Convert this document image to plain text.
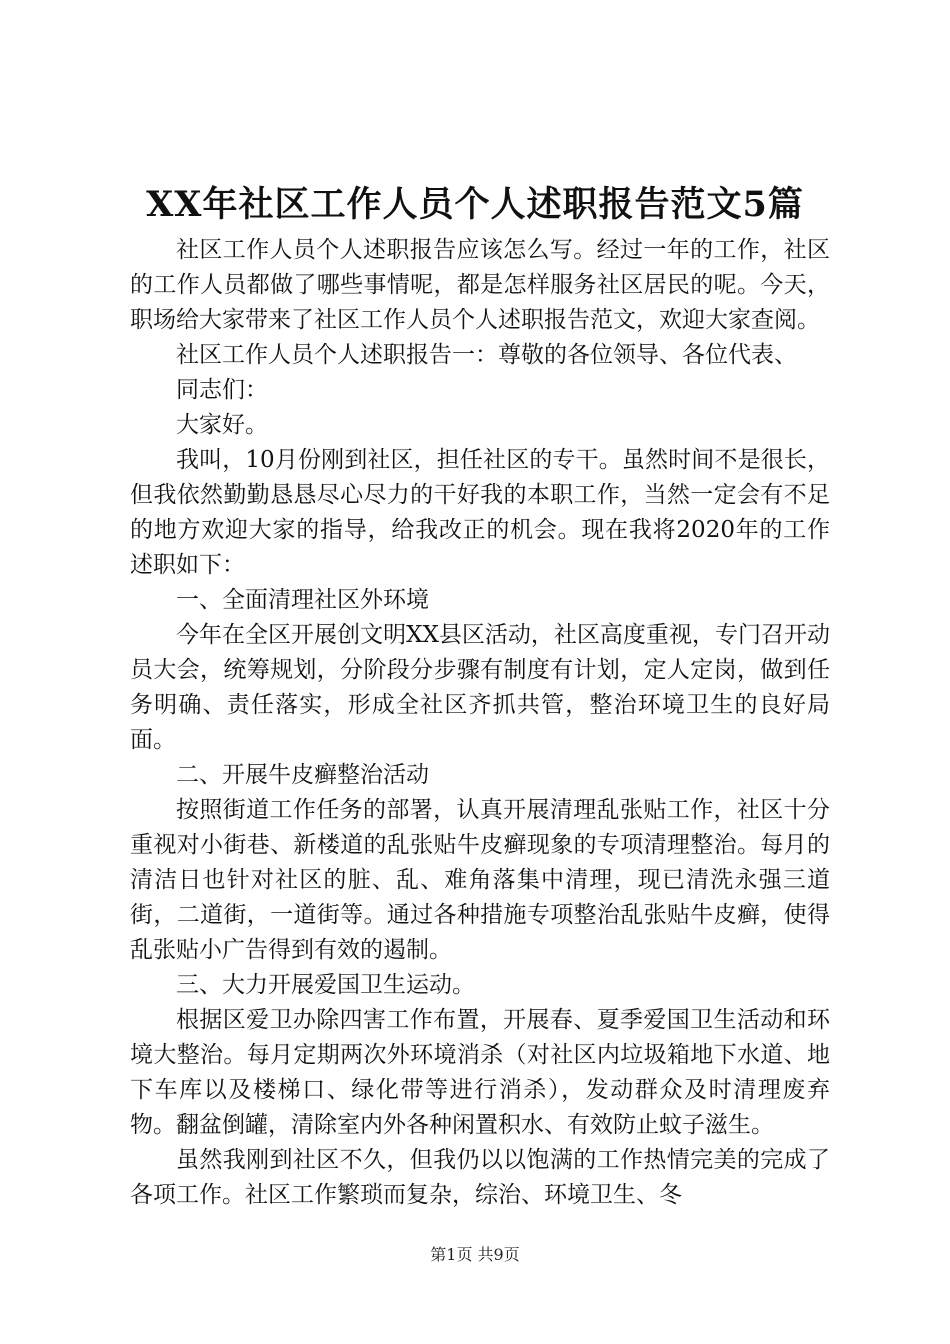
XX年社区工作人员个人述职报告范文5篇

社区工作人员个人述职报告应该怎么写。经过一年的工作，社区的工作人员都做了哪些事情呢，都是怎样服务社区居民的呢。今天，职场给大家带来了社区工作人员个人述职报告范文，欢迎大家查阅。

社区工作人员个人述职报告一：尊敬的各位领导、各位代表、

同志们：

大家好。

我叫，10月份刚到社区，担任社区的专干。虽然时间不是很长，但我依然勤勤恳恳尽心尽力的干好我的本职工作，当然一定会有不足的地方欢迎大家的指导，给我改正的机会。现在我将2020年的工作述职如下：

一、全面清理社区外环境

今年在全区开展创文明XX县区活动，社区高度重视，专门召开动员大会，统筹规划，分阶段分步骤有制度有计划，定人定岗，做到任务明确、责任落实，形成全社区齐抓共管，整治环境卫生的良好局面。

二、开展牛皮癣整治活动

按照街道工作任务的部署，认真开展清理乱张贴工作，社区十分重视对小街巷、新楼道的乱张贴牛皮癣现象的专项清理整治。每月的清洁日也针对社区的脏、乱、难角落集中清理，现已清洗永强三道街，二道街，一道街等。通过各种措施专项整治乱张贴牛皮癣，使得乱张贴小广告得到有效的遏制。

三、大力开展爱国卫生运动。

根据区爱卫办除四害工作布置，开展春、夏季爱国卫生活动和环境大整治。每月定期两次外环境消杀（对社区内垃圾箱地下水道、地下车库以及楼梯口、绿化带等进行消杀），发动群众及时清理废弃物。翻盆倒罐，清除室内外各种闲置积水、有效防止蚊子滋生。

虽然我刚到社区不久，但我仍以以饱满的工作热情完美的完成了各项工作。社区工作繁琐而复杂，综治、环境卫生、冬

第1页 共9页
